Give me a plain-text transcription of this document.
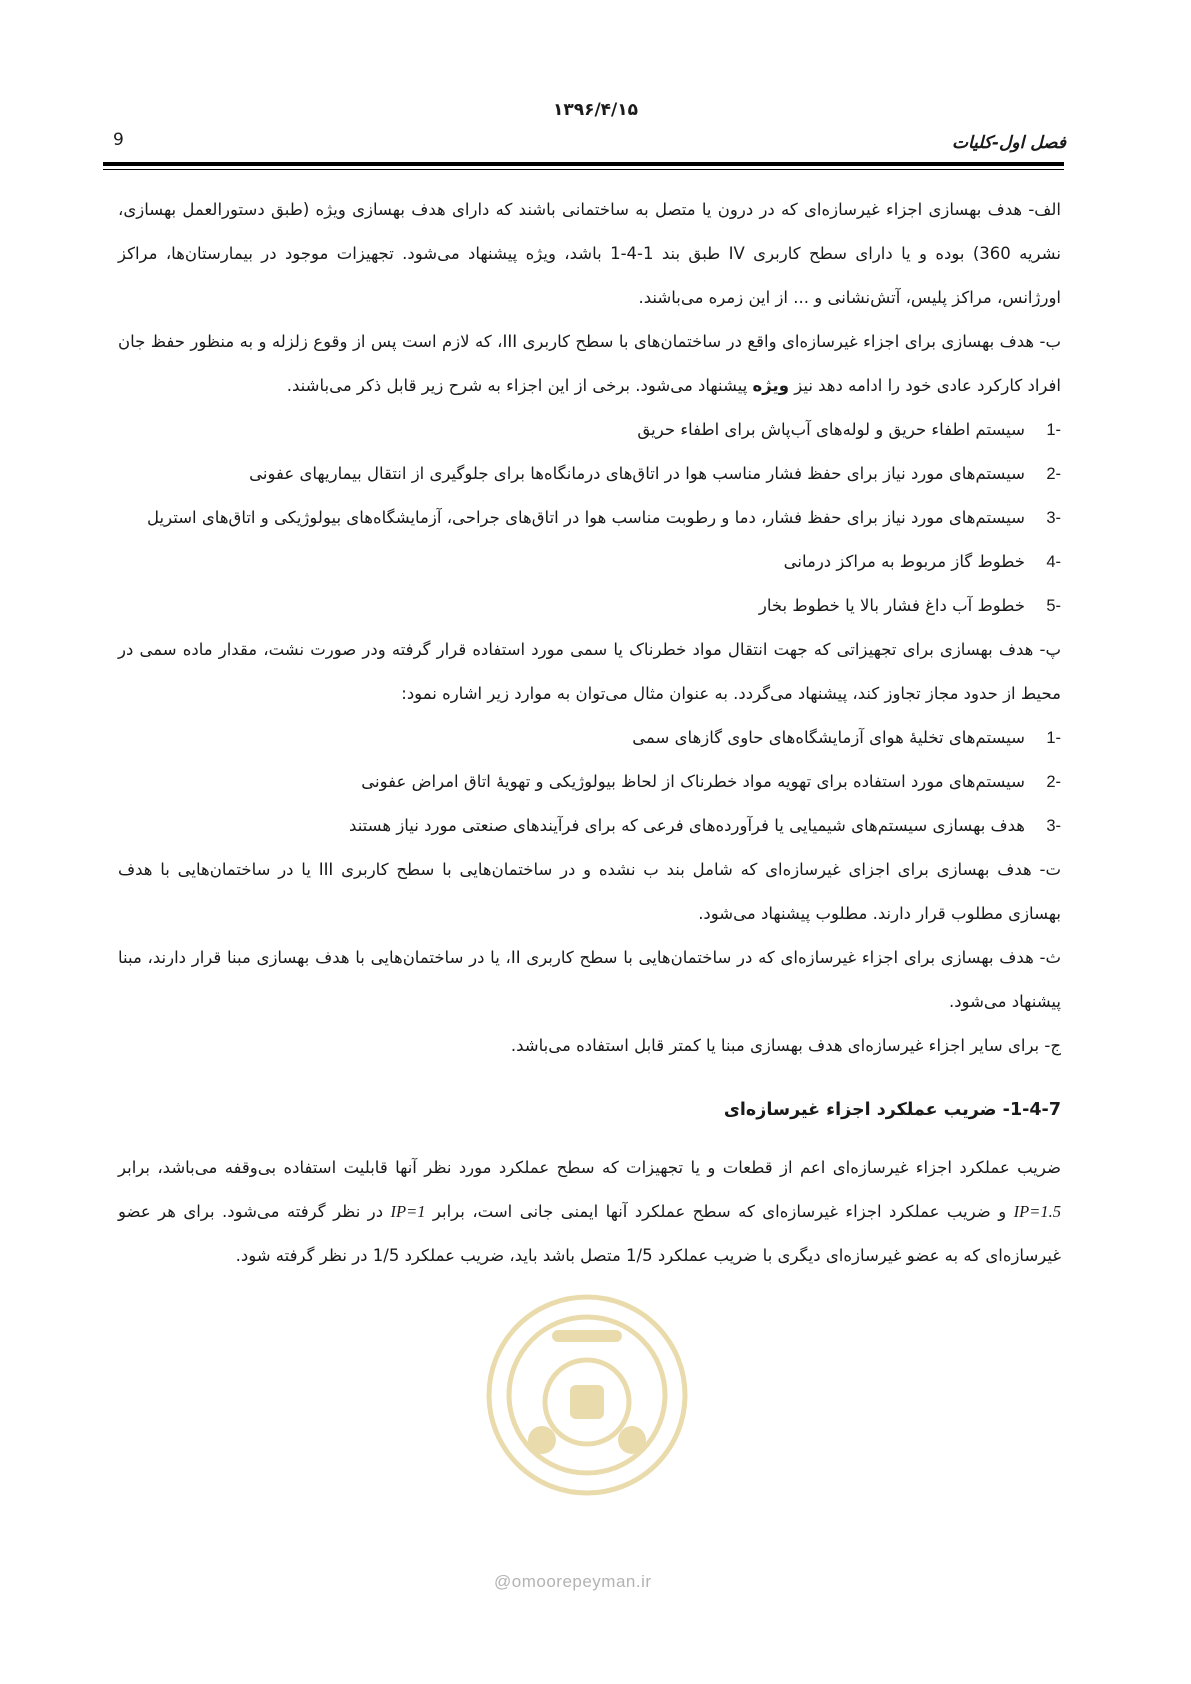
۱۳۹۶/۴/۱۵
فصل اول-کلیات
9

الف- هدف بهسازی اجزاء غیرسازه‌ای که در درون یا متصل به ساختمانی باشند که دارای هدف بهسازی ویژه (طبق دستورالعمل بهسازی، نشریه 360) بوده و یا دارای سطح کاربری IV طبق بند 1-4-1 باشد، ویژه پیشنهاد می‌شود. تجهیزات موجود در بیمارستان‌ها، مراکز اورژانس، مراکز پلیس، آتش‌نشانی و ... از این زمره می‌باشند.

ب- هدف بهسازی برای اجزاء غیرسازه‌ای واقع در ساختمان‌های با سطح کاربری III، که لازم است پس از وقوع زلزله و به منظور حفظ جان افراد کارکرد عادی خود را ادامه دهد نیز ویژه پیشنهاد می‌شود. برخی از این اجزاء به شرح زیر قابل ذکر می‌باشند.

1-
سیستم اطفاء حریق و لوله‌های آب‌پاش برای اطفاء حریق
2-
سیستم‌های مورد نیاز برای حفظ فشار مناسب هوا در اتاق‌های درمانگاه‌ها برای جلوگیری از انتقال بیماریهای عفونی
3-
سیستم‌های مورد نیاز برای حفظ فشار، دما و رطوبت مناسب هوا در اتاق‌های جراحی، آزمایشگاه‌های بیولوژیکی و اتاق‌های استریل
4-
خطوط گاز مربوط به مراکز درمانی
5-
خطوط آب داغ فشار بالا یا خطوط بخار

پ- هدف بهسازی برای تجهیزاتی که جهت انتقال مواد خطرناک یا سمی مورد استفاده قرار گرفته ودر صورت نشت، مقدار ماده سمی در محیط از حدود مجاز تجاوز کند، پیشنهاد می‌گردد. به عنوان مثال می‌توان به موارد زیر اشاره نمود:

1-
سیستم‌های تخلیۀ هوای آزمایشگاه‌های حاوی گازهای سمی
2-
سیستم‌های مورد استفاده برای تهویه مواد خطرناک از لحاظ بیولوژیکی و تهویۀ اتاق امراض عفونی
3-
هدف بهسازی سیستم‌های شیمیایی یا فرآورده‌های فرعی که برای فرآیندهای صنعتی مورد نیاز هستند

ت- هدف بهسازی برای اجزای غیرسازه‌ای که شامل بند ب نشده و در ساختمان‌هایی با سطح کاربری III یا در ساختمان‌هایی با هدف بهسازی مطلوب قرار دارند. مطلوب پیشنهاد می‌شود.

ث- هدف بهسازی برای اجزاء غیرسازه‌ای که در ساختمان‌هایی با سطح کاربری II، یا در ساختمان‌هایی با هدف بهسازی مبنا قرار دارند، مبنا پیشنهاد می‌شود.

ج- برای سایر اجزاء غیرسازه‌ای هدف بهسازی مبنا یا کمتر قابل استفاده می‌باشد.

1-4-7- ضریب عملکرد اجزاء غیرسازه‌ای

ضریب عملکرد اجزاء غیرسازه‌ای اعم از قطعات و یا تجهیزات که سطح عملکرد مورد نظر آنها قابلیت استفاده بی‌وقفه می‌باشد، برابر IP=1.5 و ضریب عملکرد اجزاء غیرسازه‌ای که سطح عملکرد آنها ایمنی جانی است، برابر IP=1 در نظر گرفته می‌شود. برای هر عضو غیرسازه‌ای که به عضو غیرسازه‌ای دیگری با ضریب عملکرد 1/5 متصل باشد باید، ضریب عملکرد 1/5 در نظر گرفته شود.

@omoorepeyman.ir
